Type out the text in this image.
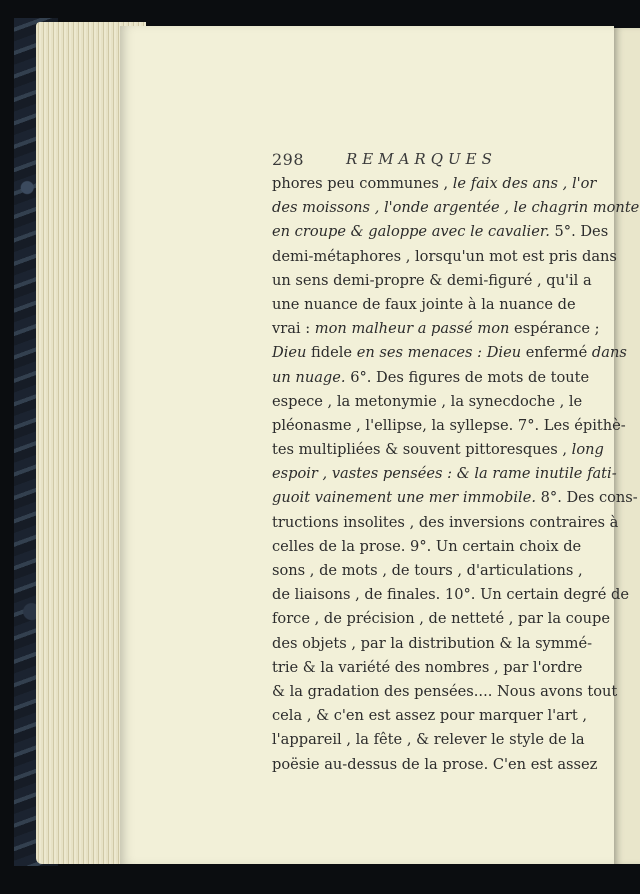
298	REMARQUES
phores peu communes , le faix des ans , l'or
des moissons , l'onde argentée , le chagrin monte
en croupe & galoppe avec le cavalier. 5°. Des
demi-métaphores , lorsqu'un mot est pris dans
un sens demi-propre & demi-figuré , qu'il a
une nuance de faux jointe à la nuance de
vrai : mon malheur a passé mon espérance ;
Dieu fidele en ses menaces : Dieu enfermé dans
un nuage. 6°. Des figures de mots de toute
espece , la metonymie , la synecdoche , le
pléonasme , l'ellipse, la syllepse. 7°. Les épithè-
tes multipliées & souvent pittoresques , long
espoir , vastes pensées : & la rame inutile fati-
guoit vainement une mer immobile. 8°. Des cons-
tructions insolites , des inversions contraires à
celles de la prose. 9°. Un certain choix de
sons , de mots , de tours , d'articulations ,
de liaisons , de finales. 10°. Un certain degré de
force , de précision , de netteté , par la coupe
des objets , par la distribution & la symmé-
trie & la variété des nombres , par l'ordre
& la gradation des pensées.... Nous avons tout
cela , & c'en est assez pour marquer l'art ,
l'appareil , la fête , & relever le style de la
poësie au-dessus de la prose. C'en est assez
